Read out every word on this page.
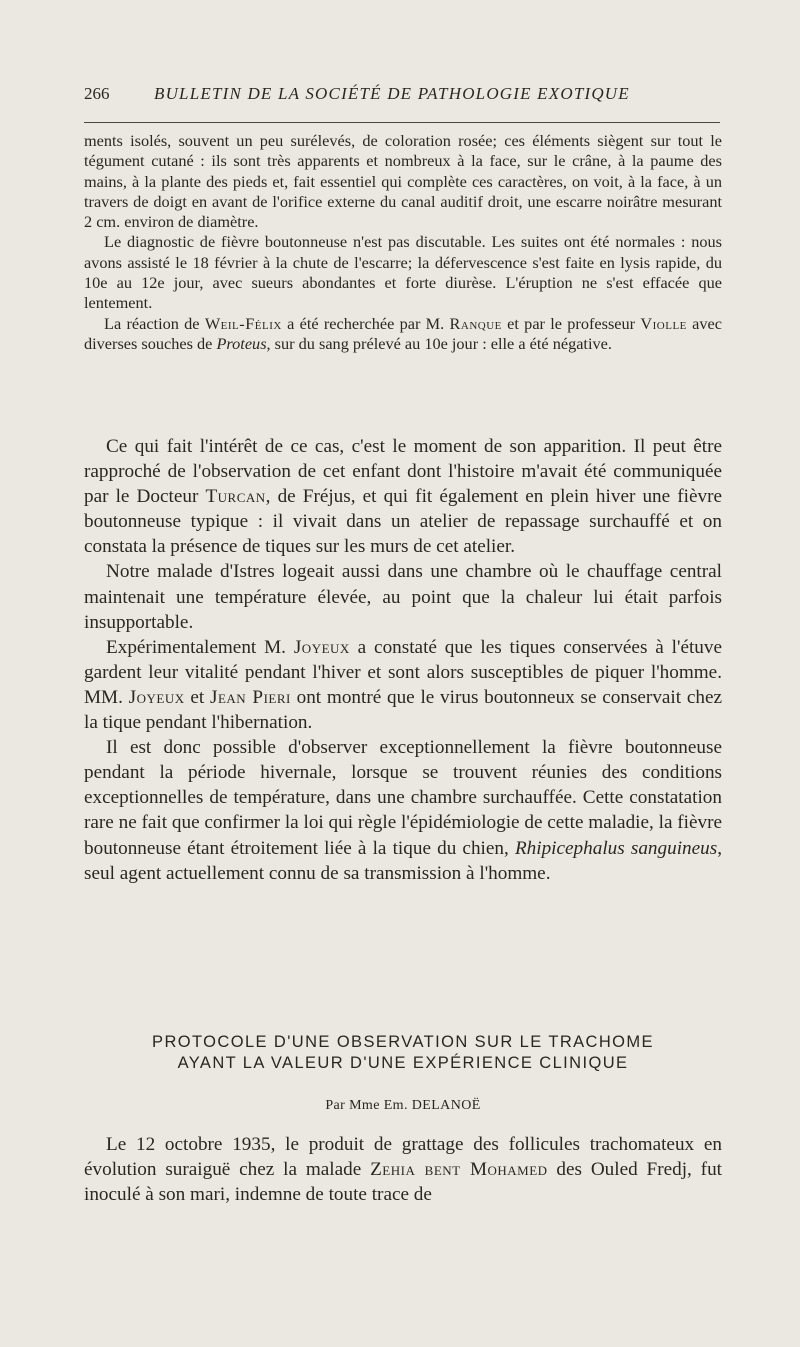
266	BULLETIN DE LA SOCIÉTÉ DE PATHOLOGIE EXOTIQUE

ments isolés, souvent un peu surélevés, de coloration rosée; ces éléments siègent sur tout le tégument cutané : ils sont très apparents et nombreux à la face, sur le crâne, à la paume des mains, à la plante des pieds et, fait essentiel qui complète ces caractères, on voit, à la face, à un travers de doigt en avant de l'orifice externe du canal auditif droit, une escarre noirâtre mesurant 2 cm. environ de diamètre.

Le diagnostic de fièvre boutonneuse n'est pas discutable. Les suites ont été normales : nous avons assisté le 18 février à la chute de l'escarre; la défervescence s'est faite en lysis rapide, du 10e au 12e jour, avec sueurs abondantes et forte diurèse. L'éruption ne s'est effacée que lentement.

La réaction de Weil-Félix a été recherchée par M. Ranque et par le professeur Violle avec diverses souches de Proteus, sur du sang prélevé au 10e jour : elle a été négative.

Ce qui fait l'intérêt de ce cas, c'est le moment de son apparition. Il peut être rapproché de l'observation de cet enfant dont l'histoire m'avait été communiquée par le Docteur Turcan, de Fréjus, et qui fit également en plein hiver une fièvre boutonneuse typique : il vivait dans un atelier de repassage surchauffé et on constata la présence de tiques sur les murs de cet atelier.

Notre malade d'Istres logeait aussi dans une chambre où le chauffage central maintenait une température élevée, au point que la chaleur lui était parfois insupportable.

Expérimentalement M. Joyeux a constaté que les tiques conservées à l'étuve gardent leur vitalité pendant l'hiver et sont alors susceptibles de piquer l'homme. MM. Joyeux et Jean Pieri ont montré que le virus boutonneux se conservait chez la tique pendant l'hibernation.

Il est donc possible d'observer exceptionnellement la fièvre boutonneuse pendant la période hivernale, lorsque se trouvent réunies des conditions exceptionnelles de température, dans une chambre surchauffée. Cette constatation rare ne fait que confirmer la loi qui règle l'épidémiologie de cette maladie, la fièvre boutonneuse étant étroitement liée à la tique du chien, Rhipicephalus sanguineus, seul agent actuellement connu de sa transmission à l'homme.

PROTOCOLE D'UNE OBSERVATION SUR LE TRACHOME
AYANT LA VALEUR D'UNE EXPÉRIENCE CLINIQUE
Par Mme Em. DELANOË

Le 12 octobre 1935, le produit de grattage des follicules trachomateux en évolution suraiguë chez la malade Zehia bent Mohamed des Ouled Fredj, fut inoculé à son mari, indemne de toute trace de
